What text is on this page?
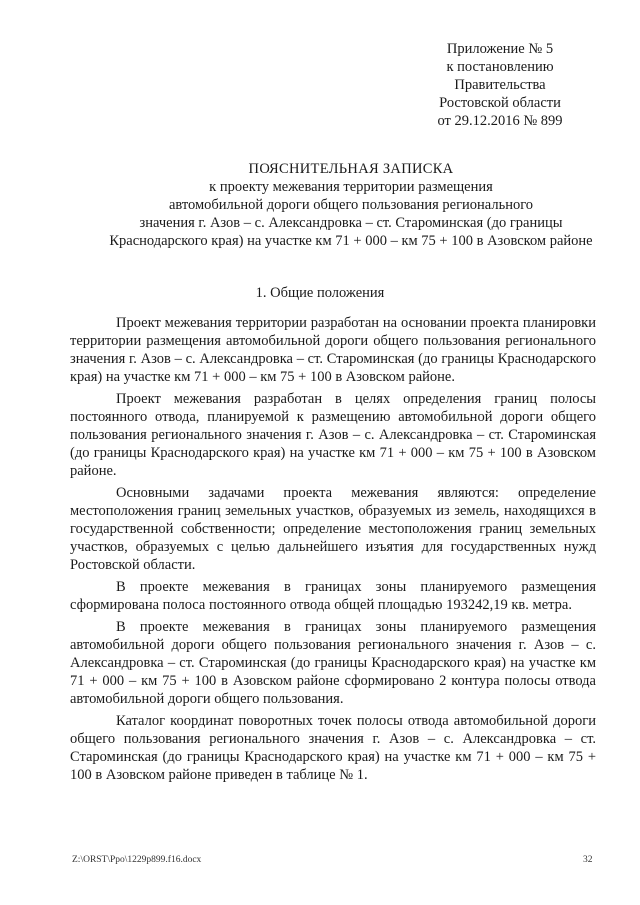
Приложение № 5
к постановлению
Правительства
Ростовской области
от 29.12.2016 № 899
ПОЯСНИТЕЛЬНАЯ ЗАПИСКА
к проекту межевания территории размещения
автомобильной дороги общего пользования регионального
значения г. Азов – с. Александровка – ст. Староминская (до границы
Краснодарского края) на участке км 71 + 000 – км 75 + 100 в Азовском районе
1. Общие положения

Проект межевания территории разработан на основании проекта планировки территории размещения автомобильной дороги общего пользования регионального значения г. Азов – с. Александровка – ст. Староминская (до границы Краснодарского края) на участке км 71 + 000 – км 75 + 100 в Азовском районе.

Проект межевания разработан в целях определения границ полосы постоянного отвода, планируемой к размещению автомобильной дороги общего пользования регионального значения г. Азов – с. Александровка – ст. Староминская (до границы Краснодарского края) на участке км 71 + 000 – км 75 + 100 в Азовском районе.

Основными задачами проекта межевания являются: определение местоположения границ земельных участков, образуемых из земель, находящихся в государственной собственности; определение местоположения границ земельных участков, образуемых с целью дальнейшего изъятия для государственных нужд Ростовской области.

В проекте межевания в границах зоны планируемого размещения сформирована полоса постоянного отвода общей площадью 193242,19 кв. метра.

В проекте межевания в границах зоны планируемого размещения автомобильной дороги общего пользования регионального значения г. Азов – с. Александровка – ст. Староминская (до границы Краснодарского края) на участке км 71 + 000 – км 75 + 100 в Азовском районе сформировано 2 контура полосы отвода автомобильной дороги общего пользования.

Каталог координат поворотных точек полосы отвода автомобильной дороги общего пользования регионального значения г. Азов – с. Александровка – ст. Староминская (до границы Краснодарского края) на участке км 71 + 000 – км 75 + 100 в Азовском районе приведен в таблице № 1.

Z:\ORST\Ppo\1229p899.f16.docx	32
